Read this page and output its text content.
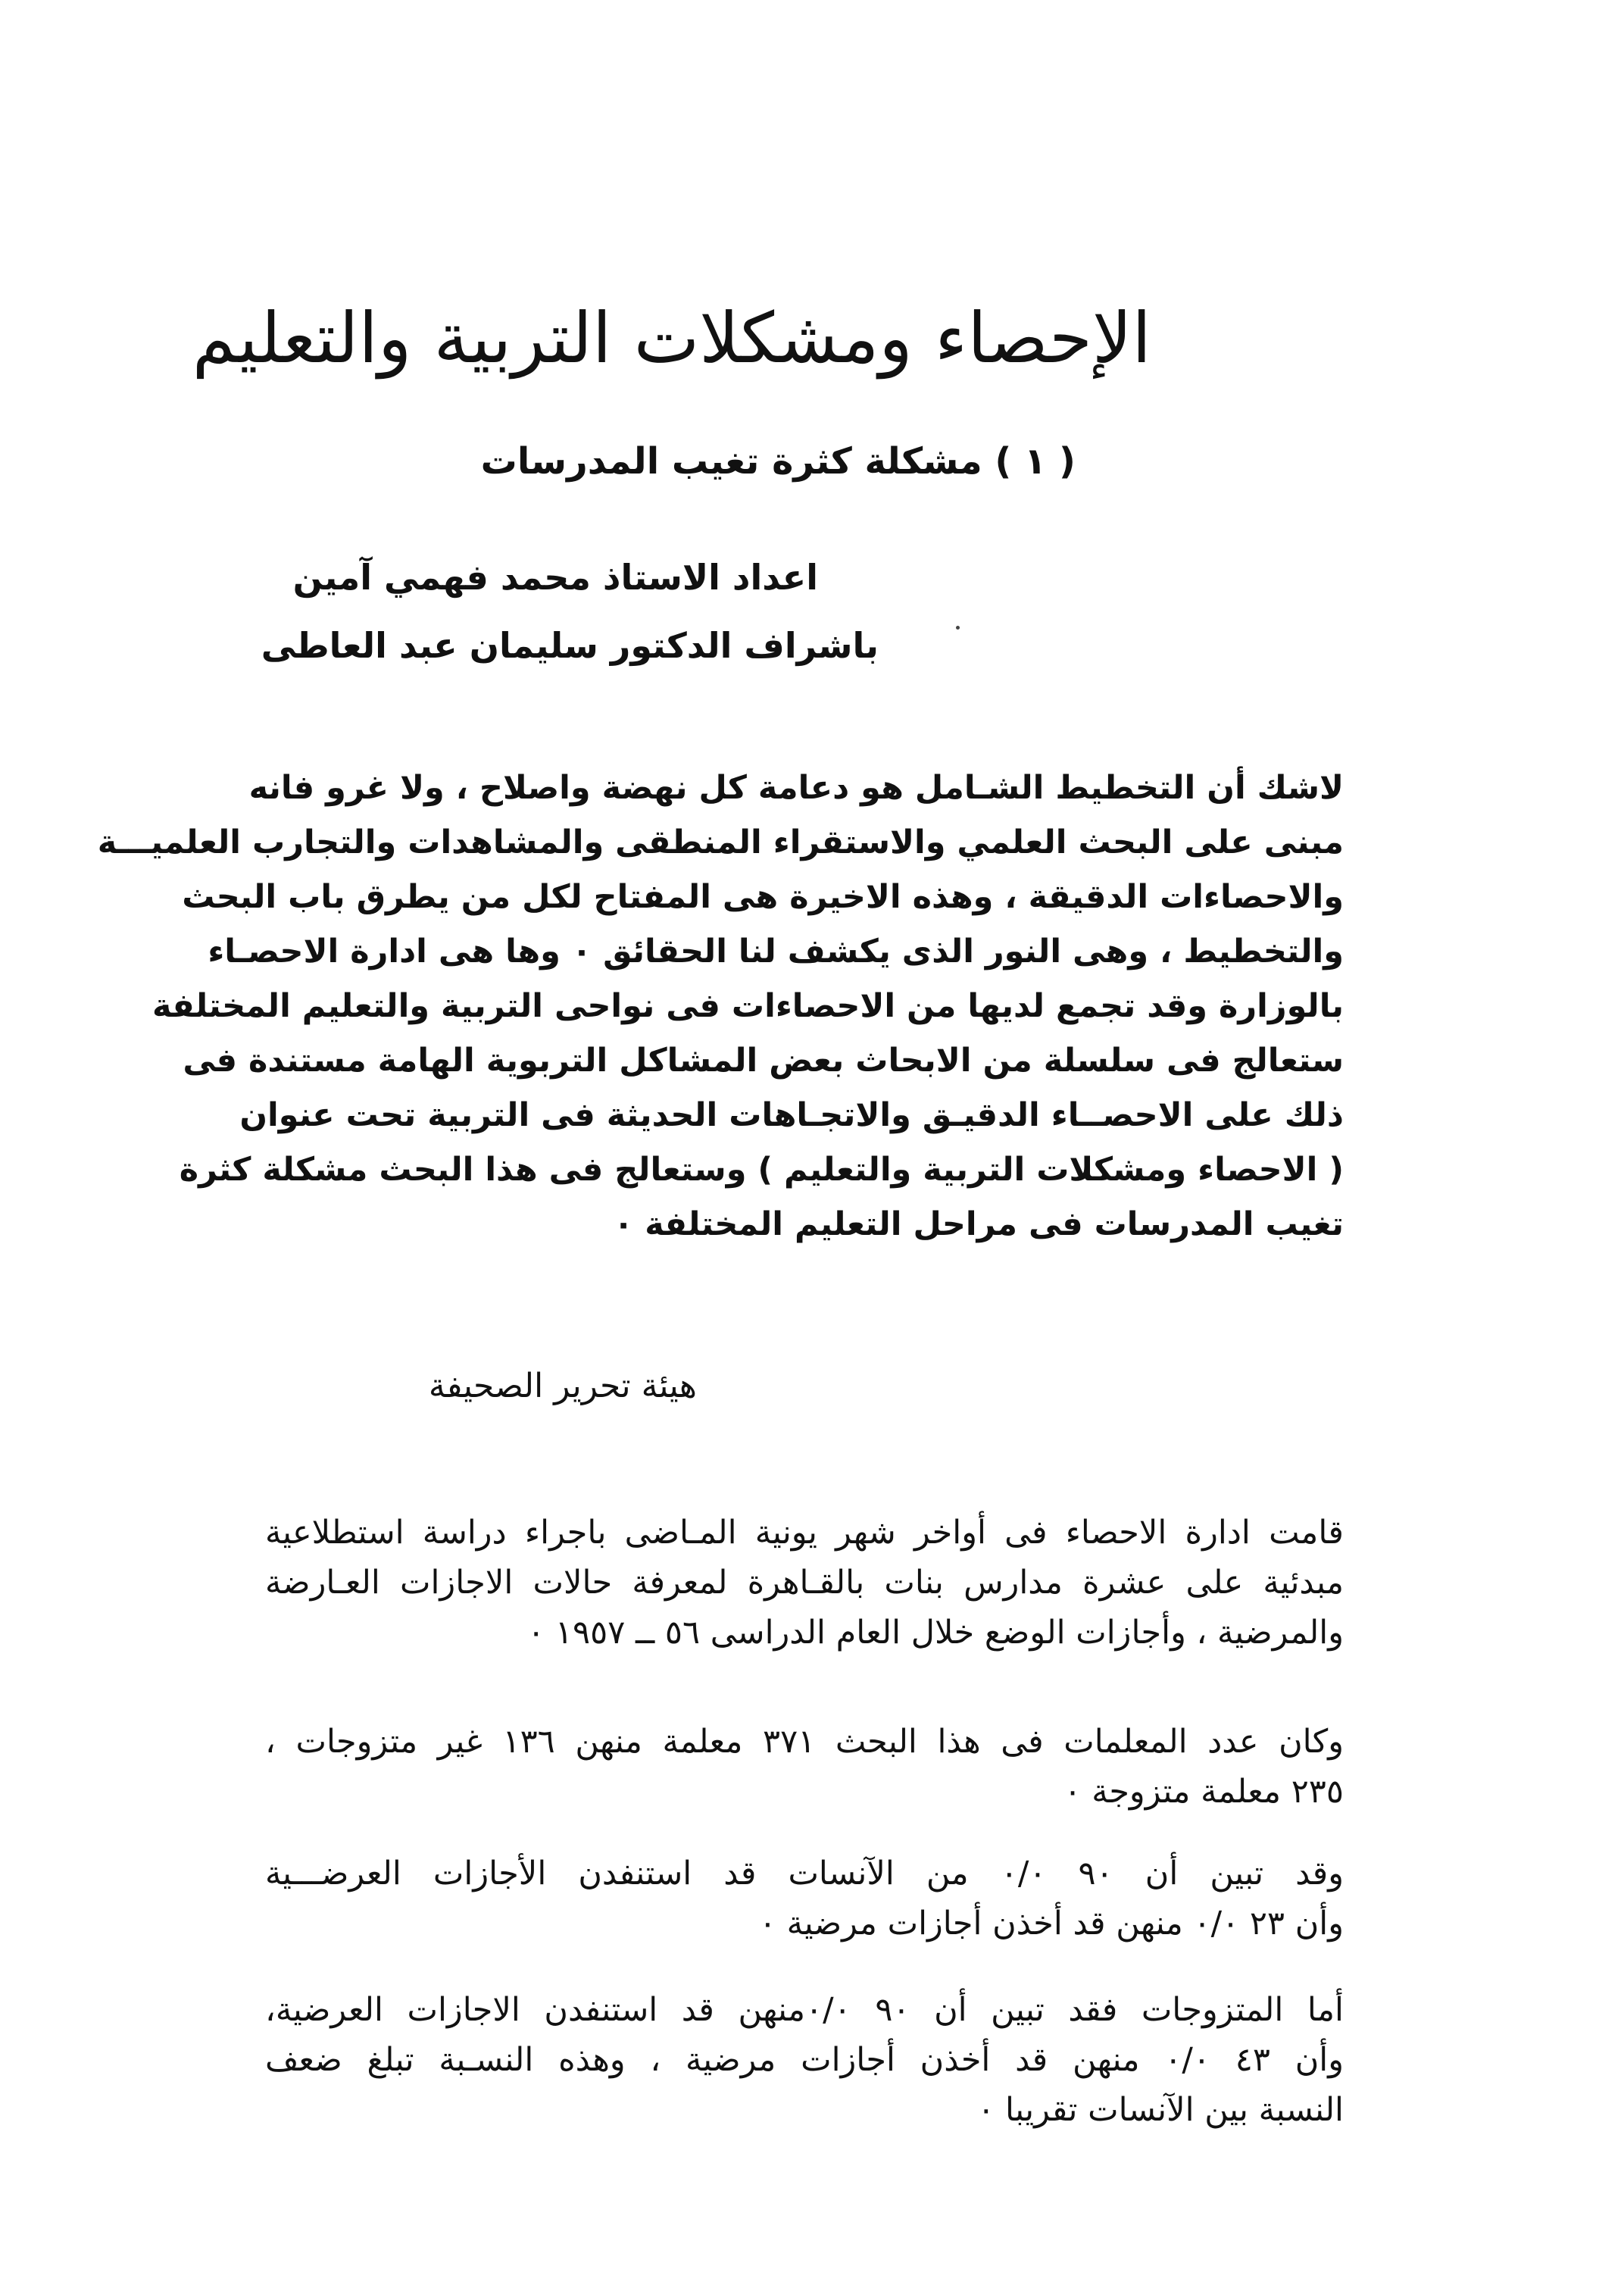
الإحصاء ومشكلات التربية والتعليم
( ١ ) مشكلة كثرة تغيب المدرسات
اعداد الاستاذ محمد فهمي آمين
باشراف الدكتور سليمان عبد العاطى
لاشك أن التخطيط الشـامل هو دعامة كل نهضة واصلاح ، ولا غرو فانه
مبنى على البحث العلمي والاستقراء المنطقى والمشاهدات والتجارب العلميـــة
والاحصاءات الدقيقة ، وهذه الاخيرة هى المفتاح لكل من يطرق باب البحث
والتخطيط ، وهى النور الذى يكشف لنا الحقائق ٠ وها هى ادارة الاحصـاء
بالوزارة وقد تجمع لديها من الاحصاءات فى نواحى التربية والتعليم المختلفة
ستعالج فى سلسلة من الابحاث بعض المشاكل التربوية الهامة مستندة فى
ذلك على الاحصــاء الدقيـق والاتجـاهات الحديثة فى التربية تحت عنوان
( الاحصاء ومشكلات التربية والتعليم ) وستعالج فى هذا البحث مشكلة كثرة
تغيب المدرسات فى مراحل التعليم المختلفة ٠
هيئة تحرير الصحيفة
قامت ادارة الاحصاء فى أواخر شهر يونية المـاضى باجراء دراسة استطلاعية
مبدئية على عشرة مدارس بنات بالقـاهرة لمعرفة حالات الاجازات العـارضة
والمرضية ، وأجازات الوضع خلال العام الدراسى ٥٦ ــ ١٩٥٧ ٠
وكان عدد المعلمات فى هذا البحث ٣٧١ معلمة منهن ١٣٦ غير متزوجات ،
٢٣٥ معلمة متزوجة ٠
وقد تبين أن ٩٠ ٠/٠ من الآنسات قد استنفدن الأجازات العرضـــية
وأن ٢٣ ٠/٠ منهن قد أخذن أجازات مرضية ٠
أما المتزوجات فقد تبين أن ٩٠ ٠/٠منهن قد استنفدن الاجازات العرضية،
وأن ٤٣ ٠/٠ منهن قد أخذن أجازات مرضية ، وهذه النسـبة تبلغ ضعف
النسبة بين الآنسات تقريبا ٠
